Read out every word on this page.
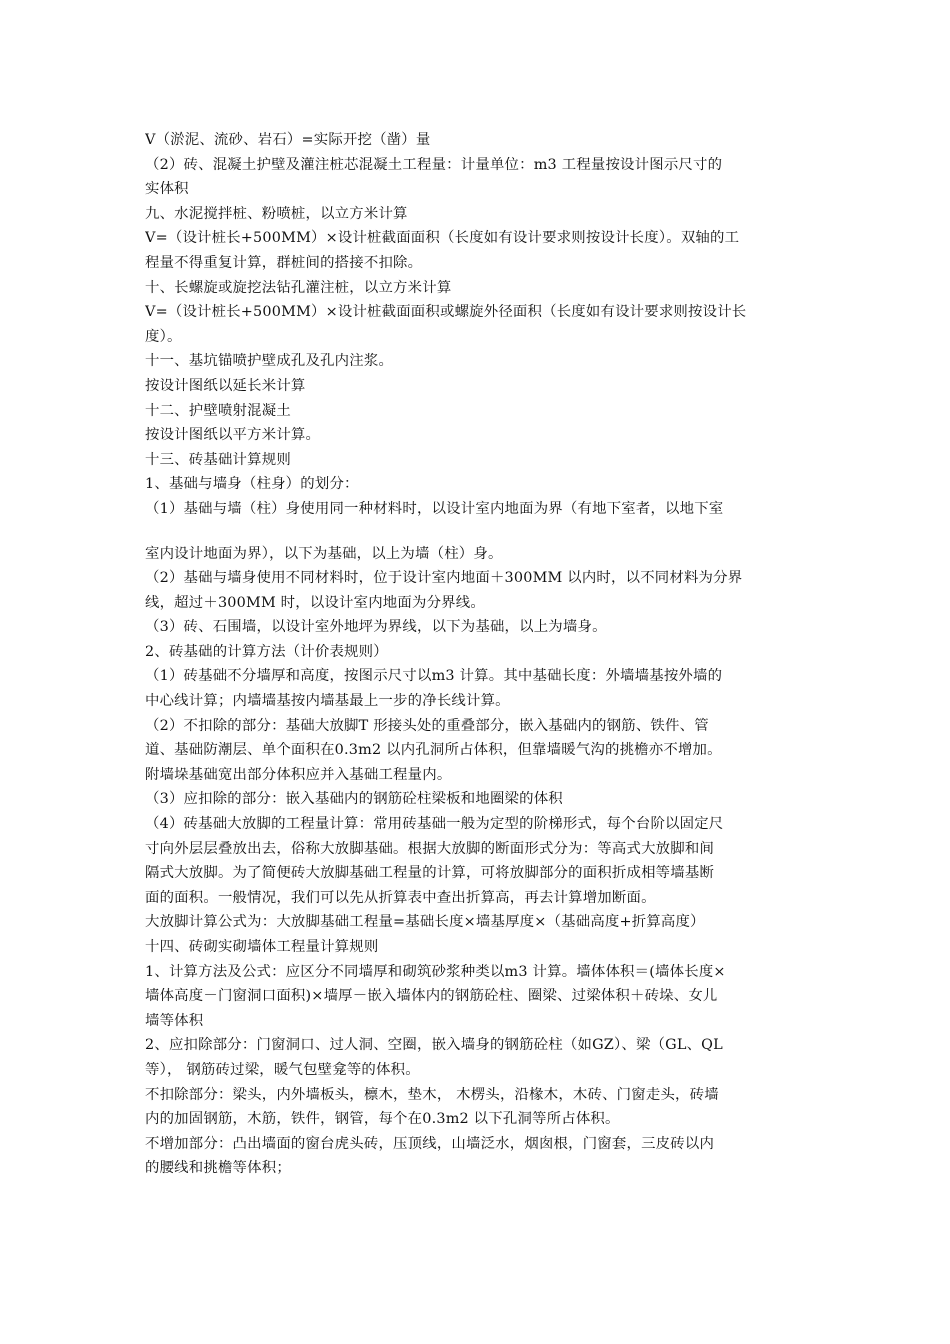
V（淤泥、流砂、岩石）=实际开挖（凿）量
（2）砖、混凝土护壁及灌注桩芯混凝土工程量：计量单位：m3 工程量按设计图示尺寸的
实体积
九、水泥搅拌桩、粉喷桩，以立方米计算
V=（设计桩长+500MM）×设计桩截面面积（长度如有设计要求则按设计长度）。双轴的工
程量不得重复计算，群桩间的搭接不扣除。
十、长螺旋或旋挖法钻孔灌注桩，以立方米计算
V=（设计桩长+500MM）×设计桩截面面积或螺旋外径面积（长度如有设计要求则按设计长
度）。
十一、基坑锚喷护壁成孔及孔内注浆。
按设计图纸以延长米计算
十二、护壁喷射混凝土
按设计图纸以平方米计算。
十三、砖基础计算规则
1、基础与墙身（柱身）的划分：
（1）基础与墙（柱）身使用同一种材料时，以设计室内地面为界（有地下室者，以地下室
室内设计地面为界），以下为基础，以上为墙（柱）身。
（2）基础与墙身使用不同材料时，位于设计室内地面＋300MM 以内时，以不同材料为分界
线，超过＋300MM 时，以设计室内地面为分界线。
（3）砖、石围墙，以设计室外地坪为界线，以下为基础，以上为墙身。
2、砖基础的计算方法（计价表规则）
（1）砖基础不分墙厚和高度，按图示尺寸以m3 计算。其中基础长度：外墙墙基按外墙的
中心线计算；内墙墙基按内墙基最上一步的净长线计算。
（2）不扣除的部分：基础大放脚T 形接头处的重叠部分，嵌入基础内的钢筋、铁件、管
道、基础防潮层、单个面积在0.3m2 以内孔洞所占体积，但靠墙暖气沟的挑檐亦不增加。
附墙垛基础宽出部分体积应并入基础工程量内。
（3）应扣除的部分：嵌入基础内的钢筋砼柱梁板和地圈梁的体积
（4）砖基础大放脚的工程量计算：常用砖基础一般为定型的阶梯形式，每个台阶以固定尺
寸向外层层叠放出去，俗称大放脚基础。根据大放脚的断面形式分为：等高式大放脚和间
隔式大放脚。为了简便砖大放脚基础工程量的计算，可将放脚部分的面积折成相等墙基断
面的面积。一般情况，我们可以先从折算表中查出折算高，再去计算增加断面。
大放脚计算公式为：大放脚基础工程量=基础长度×墙基厚度×（基础高度+折算高度）
十四、砖砌实砌墙体工程量计算规则
1、计算方法及公式：应区分不同墙厚和砌筑砂浆种类以m3 计算。墙体体积＝(墙体长度×
墙体高度－门窗洞口面积)×墙厚－嵌入墙体内的钢筋砼柱、圈梁、过梁体积＋砖垛、女儿
墙等体积
2、应扣除部分：门窗洞口、过人洞、空圈，嵌入墙身的钢筋砼柱（如GZ）、梁（GL、QL
等）， 钢筋砖过梁，暖气包壁龛等的体积。
不扣除部分：梁头，内外墙板头，檩木，垫木， 木楞头，沿椽木，木砖、门窗走头，砖墙
内的加固钢筋，木筋，铁件，钢管，每个在0.3m2 以下孔洞等所占体积。
不增加部分：凸出墙面的窗台虎头砖，压顶线，山墙泛水，烟囱根，门窗套，三皮砖以内
的腰线和挑檐等体积；
